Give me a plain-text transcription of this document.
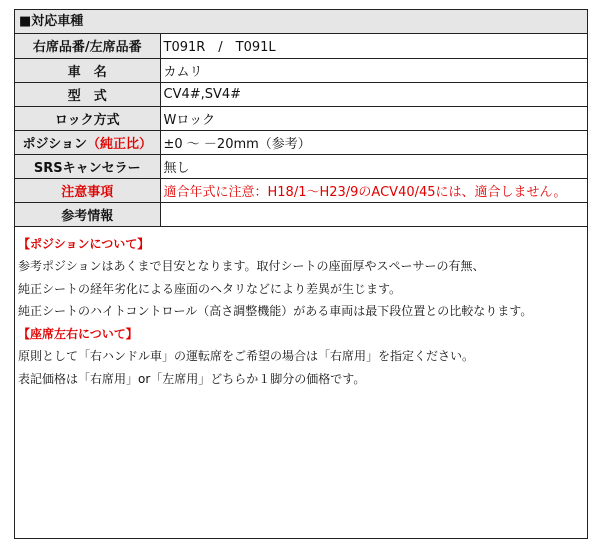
■対応車種
右席品番/左席品番	T091R　/　T091L
車　名	カムリ
型　式	CV4#,SV4#
ロック方式	Wロック
ポジション（純正比）	±0 ～ －20mm（参考）
SRSキャンセラー	無し
注意事項	適合年式に注意：H18/1～H23/9のACV40/45には、適合しません。
参考情報	
【ポジションについて】
参考ポジションはあくまで目安となります。取付シートの座面厚やスペーサーの有無、
純正シートの経年劣化による座面のヘタリなどにより差異が生じます。
純正シートのハイトコントロール（高さ調整機能）がある車両は最下段位置との比較なります。
【座席左右について】
原則として「右ハンドル車」の運転席をご希望の場合は「右席用」を指定ください。
表記価格は「右席用」or「左席用」どちらか１脚分の価格です。
